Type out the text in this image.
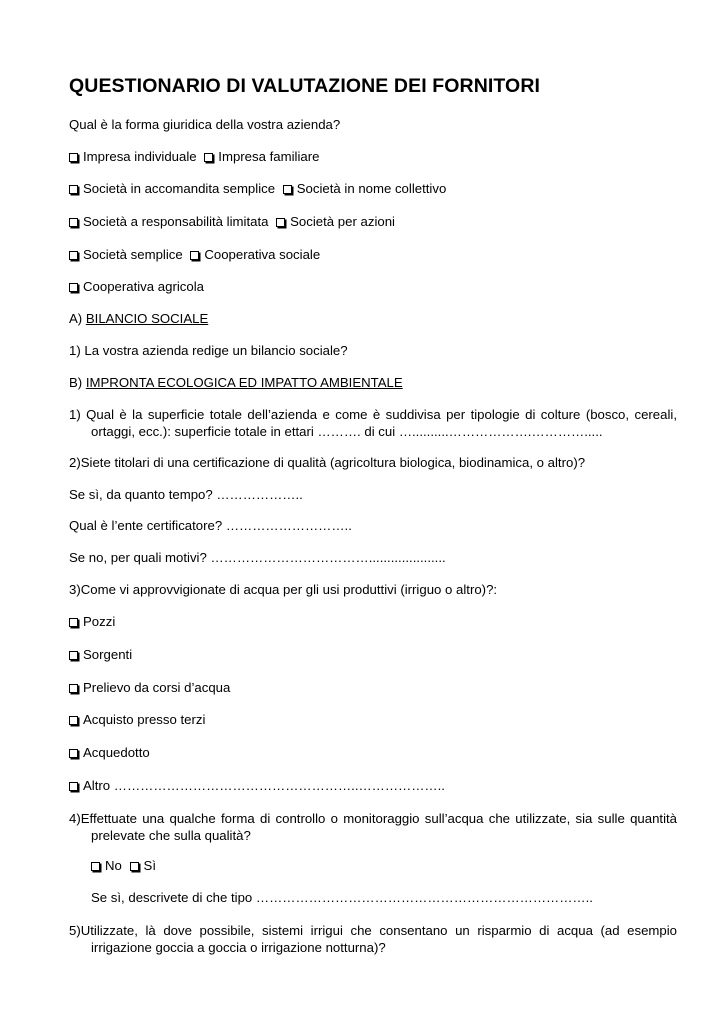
QUESTIONARIO DI VALUTAZIONE DEI FORNITORI
Qual è la forma giuridica della vostra azienda?
Impresa individuale Impresa familiare
Società in accomandita semplice Società in nome collettivo
Società a responsabilità limitata Società per azioni
Società semplice Cooperativa sociale
Cooperativa agricola
A) BILANCIO SOCIALE
1) La vostra azienda redige un bilancio sociale?
B) IMPRONTA ECOLOGICA ED IMPATTO AMBIENTALE
1) Qual è la superficie totale dell’azienda e come è suddivisa per tipologie di colture (bosco, cereali, ortaggi, ecc.): superficie totale in ettari ………. di cui …..........……………….………….....
2)Siete titolari di una certificazione di qualità (agricoltura biologica, biodinamica, o altro)?
Se sì, da quanto tempo? ………………..
Qual è l’ente certificatore? ………………………..
Se no, per quali motivi? ……………………………….....................
3)Come vi approvvigionate di acqua per gli usi produttivi (irriguo o altro)?:
Pozzi
Sorgenti
Prelievo da corsi d’acqua
Acquisto presso terzi
Acquedotto
Altro ………………………………………………..………………..
4)Effettuate una qualche forma di controllo o monitoraggio sull’acqua che utilizzate, sia sulle quantità prelevate che sulla qualità?
No Sì
Se sì, descrivete di che tipo …………………………………………………………………..
5)Utilizzate, là dove possibile, sistemi irrigui che consentano un risparmio di acqua (ad esempio irrigazione goccia a goccia o irrigazione notturna)?
